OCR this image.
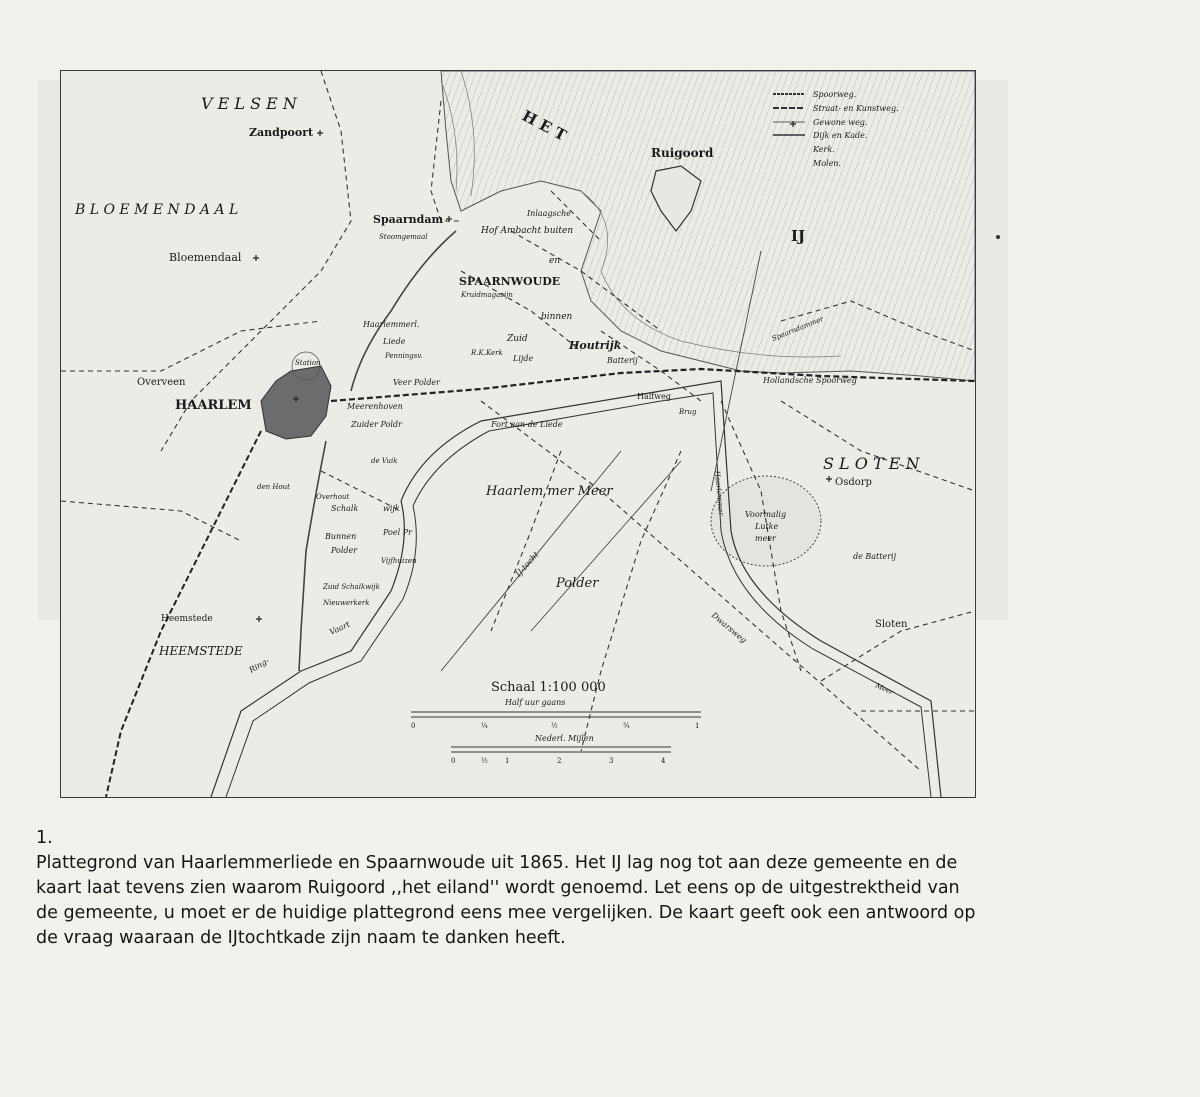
V E L S E N
H E T
B L O E M E N D A A L
S L O T E N
HEEMSTEDE
IJ
Haarlem mer Meer
Polder
Zandpoort
Spaarndam
Stoomgemaal
Bloemendaal
Overveen
HAARLEM
Station
Ruigoord
SPAARNWOUDE
Kruidmagazijn
Inlaagsche
Hof Ambacht buiten
en
binnen
Haarlemmerl.
Liede
Penningsv.
Zuid
R.K.Kerk
Lijde
Houtrijk
Batterij
Veer Polder
Meerenhoven
Zuider Poldr	Fort aan de Liede
Halfweg
Brug
Hollandsche Spoorweg
Spaarndammer
Osdorp
Voormalig
Lutke
meer
de Batterij
Sloten
de Vuik
Overhout
Schalk	wijk
Poel Pr
Bunnen
Polder
Vijfhuizen
Zuid Schalkwijk
Nieuwerkerk
Heemstede
Ring-
Vaart
IJ-tocht
Dwarsweg
Haarlemmer
Meer
den Hout
Spoorweg.
Straat- en Kunstweg.
Gewone weg.
Dijk en Kade.
Kerk.
Molen.
Schaal 1:100 000
Half uur gaans
0	¼	½	¾	1
Nederl. Mijlen
0	½ 1	2	3	4
1.
Plattegrond van Haarlemmerliede en Spaarnwoude uit 1865. Het IJ lag nog tot aan deze gemeente en de
kaart laat tevens zien waarom Ruigoord ,,het eiland'' wordt genoemd. Let eens op de uitgestrektheid van
de gemeente, u moet er de huidige plattegrond eens mee vergelijken. De kaart geeft ook een antwoord op
de vraag waaraan de IJtochtkade zijn naam te danken heeft.
